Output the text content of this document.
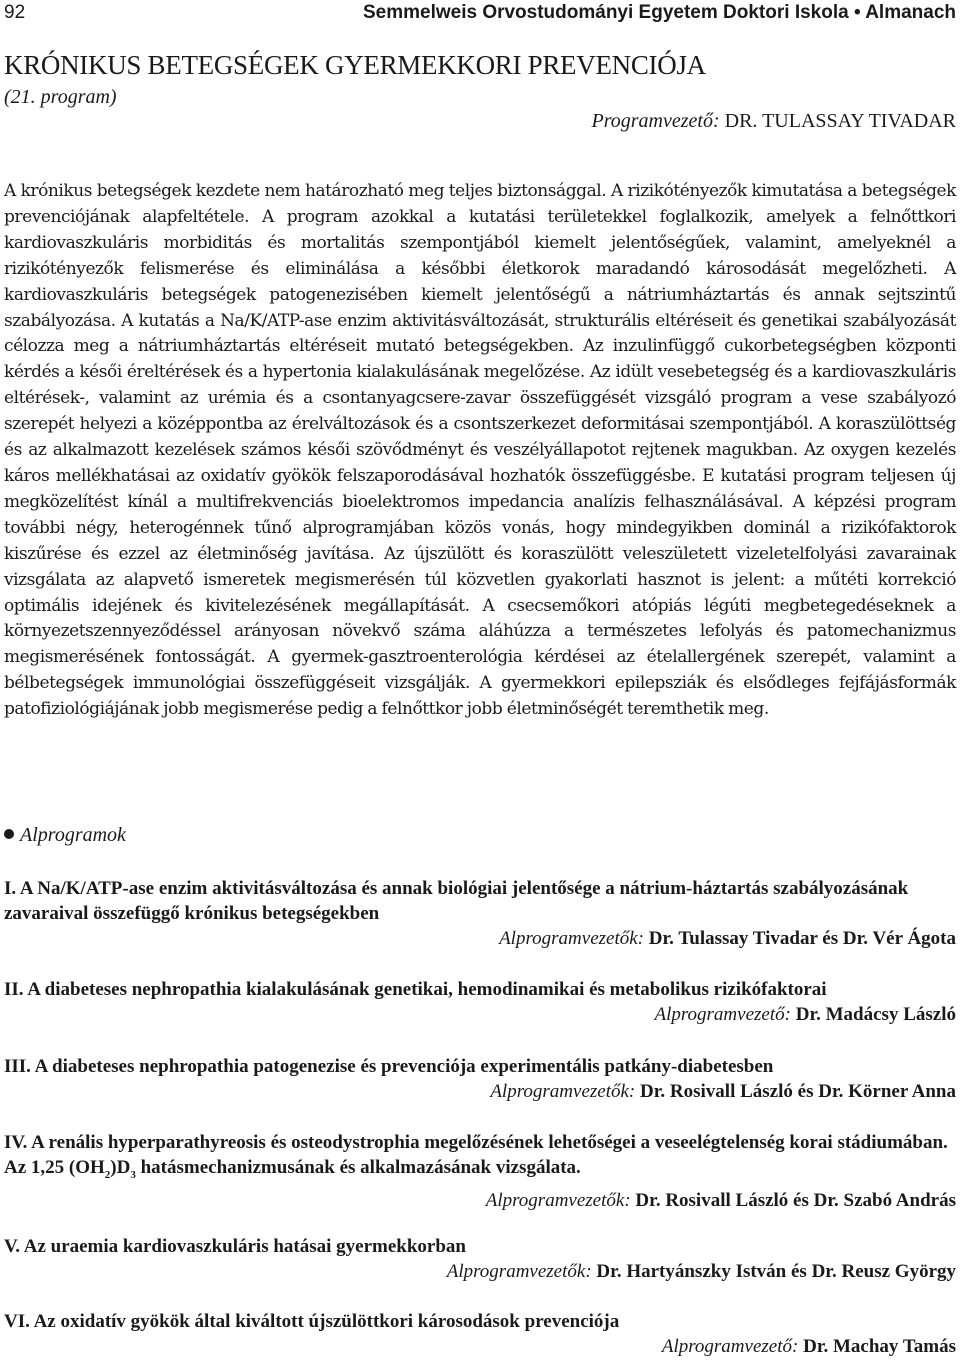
92	Semmelweis Orvostudományi Egyetem Doktori Iskola • Almanach
KRÓNIKUS BETEGSÉGEK GYERMEKKORI PREVENCIÓJA
(21. program)
Programvezető: DR. TULASSAY TIVADAR

A krónikus betegségek kezdete nem határozható meg teljes biztonsággal. A rizikótényezők kimutatása a betegségek prevenciójának alapfeltétele. A program azokkal a kutatási területekkel foglalkozik, amelyek a felnőttkori kardiovaszkuláris morbiditás és mortalitás szempontjából kiemelt jelentőségűek, valamint, amelyeknél a rizikótényezők felismerése és eliminálása a későbbi életkorok maradandó károsodását megelőzheti. A kardiovaszkuláris betegségek patogenezisében kiemelt jelentőségű a nátriumháztartás és annak sejtszintű szabályozása. A kutatás a Na/K/ATP-ase enzim aktivitásváltozását, strukturális eltéréseit és genetikai szabályozását célozza meg a nátriumháztartás eltéréseit mutató betegségekben. Az inzulinfüggő cukorbetegségben központi kérdés a késői éreltérések és a hypertonia kialakulásának megelőzése. Az idült vesebetegség és a kardiovaszkuláris eltérések-, valamint az urémia és a csontanyagcsere-zavar összefüggését vizsgáló program a vese szabályozó szerepét helyezi a középpontba az érelváltozások és a csontszerkezet deformitásai szempontjából. A koraszülöttség és az alkalmazott kezelések számos késői szövődményt és veszélyállapotot rejtenek magukban. Az oxygen kezelés káros mellékhatásai az oxidatív gyökök felszaporodásával hozhatók összefüggésbe. E kutatási program teljesen új megközelítést kínál a multifrekvenciás bioelektromos impedancia analízis felhasználásával. A képzési program további négy, heterogénnek tűnő alprogramjában közös vonás, hogy mindegyikben dominál a rizikófaktorok kiszűrése és ezzel az életminőség javítása. Az újszülött és koraszülött veleszületett vizeletelfolyási zavarainak vizsgálata az alapvető ismeretek megismerésén túl közvetlen gyakorlati hasznot is jelent: a műtéti korrekció optimális idejének és kivitelezésének megállapítását. A csecsemőkori atópiás légúti megbetegedéseknek a környezetszennyeződéssel arányosan növekvő száma aláhúzza a természetes lefolyás és patomechanizmus megismerésének fontosságát. A gyermek-gasztroenterológia kérdései az ételallergének szerepét, valamint a bélbetegségek immunológiai összefüggéseit vizsgálják. A gyermekkori epilepsziák és elsődleges fejfájásformák patofiziológiájának jobb megismerése pedig a felnőttkor jobb életminőségét teremthetik meg.

Alprogramok
I. A Na/K/ATP-ase enzim aktivitásváltozása és annak biológiai jelentősége a nátrium-háztartás szabályozásának zavaraival összefüggő krónikus betegségekben
Alprogramvezetők: Dr. Tulassay Tivadar és Dr. Vér Ágota
II. A diabeteses nephropathia kialakulásának genetikai, hemodinamikai és metabolikus rizikófaktorai
Alprogramvezető: Dr. Madácsy László
III. A diabeteses nephropathia patogenezise és prevenciója experimentális patkány-diabetesben
Alprogramvezetők: Dr. Rosivall László és Dr. Körner Anna
IV. A renális hyperparathyreosis és osteodystrophia megelőzésének lehetőségei a veseelégtelenség korai stádiumában. Az 1,25 $(OH_2)D_3$ hatásmechanizmusának és alkalmazásának vizsgálata.
Alprogramvezetők: Dr. Rosivall László és Dr. Szabó András
V. Az uraemia kardiovaszkuláris hatásai gyermekkorban
Alprogramvezetők: Dr. Hartyánszky István és Dr. Reusz György
VI. Az oxidatív gyökök által kiváltott újszülöttkori károsodások prevenciója
Alprogramvezető: Dr. Machay Tamás
